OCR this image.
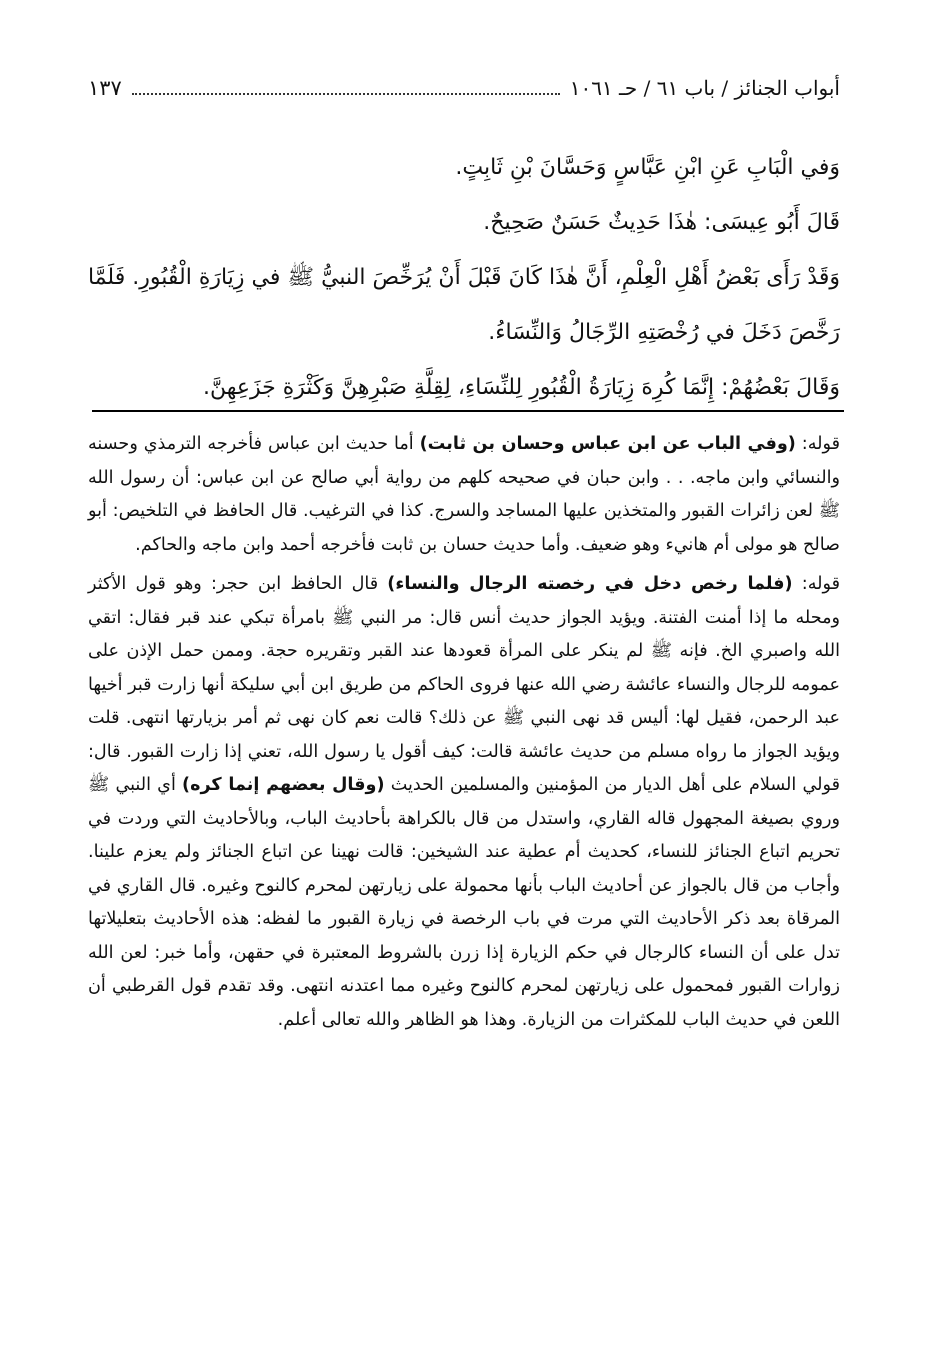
أبواب الجنائز / باب ٦١ / حـ ١٠٦١
١٣٧

وَفي الْبَابِ عَنِ ابْنِ عَبَّاسٍ وَحَسَّانَ بْنِ ثَابِتٍ.

قَالَ أَبُو عِيسَى: هٰذَا حَدِيثٌ حَسَنٌ صَحِيحٌ.

وَقَدْ رَأَى بَعْضُ أَهْلِ الْعِلْمِ، أَنَّ هٰذَا كَانَ قَبْلَ أَنْ يُرَخِّصَ النبيُّ ﷺ في زِيَارَةِ الْقُبُورِ. فَلَمَّا رَخَّصَ دَخَلَ في رُخْصَتِهِ الرِّجَالُ وَالنِّسَاءُ.

وَقَالَ بَعْضُهُمْ: إِنَّمَا كُرِهَ زِيَارَةُ الْقُبُورِ لِلنِّسَاءِ، لِقِلَّةِ صَبْرِهِنَّ وَكَثْرَةِ جَزَعِهِنَّ.

قوله: (وفي الباب عن ابن عباس وحسان بن ثابت) أما حديث ابن عباس فأخرجه الترمذي وحسنه والنسائي وابن ماجه. . . وابن حبان في صحيحه كلهم من رواية أبي صالح عن ابن عباس: أن رسول الله ﷺ لعن زائرات القبور والمتخذين عليها المساجد والسرج. كذا في الترغيب. قال الحافظ في التلخيص: أبو صالح هو مولى أم هانيء وهو ضعيف. وأما حديث حسان بن ثابت فأخرجه أحمد وابن ماجه والحاكم.

قوله: (فلما رخص دخل في رخصته الرجال والنساء) قال الحافظ ابن حجر: وهو قول الأكثر ومحله ما إذا أمنت الفتنة. ويؤيد الجواز حديث أنس قال: مر النبي ﷺ بامرأة تبكي عند قبر فقال: اتقي الله واصبري الخ. فإنه ﷺ لم ينكر على المرأة قعودها عند القبر وتقريره حجة. وممن حمل الإذن على عمومه للرجال والنساء عائشة رضي الله عنها فروى الحاكم من طريق ابن أبي سليكة أنها زارت قبر أخيها عبد الرحمن، فقيل لها: أليس قد نهى النبي ﷺ عن ذلك؟ قالت نعم كان نهى ثم أمر بزيارتها انتهى. قلت ويؤيد الجواز ما رواه مسلم من حديث عائشة قالت: كيف أقول يا رسول الله، تعني إذا زارت القبور. قال: قولي السلام على أهل الديار من المؤمنين والمسلمين الحديث (وقال بعضهم إنما كره) أي النبي ﷺ وروي بصيغة المجهول قاله القاري، واستدل من قال بالكراهة بأحاديث الباب، وبالأحاديث التي وردت في تحريم اتباع الجنائز للنساء، كحديث أم عطية عند الشيخين: قالت نهينا عن اتباع الجنائز ولم يعزم علينا. وأجاب من قال بالجواز عن أحاديث الباب بأنها محمولة على زيارتهن لمحرم كالنوح وغيره. قال القاري في المرقاة بعد ذكر الأحاديث التي مرت في باب الرخصة في زيارة القبور ما لفظه: هذه الأحاديث بتعليلاتها تدل على أن النساء كالرجال في حكم الزيارة إذا زرن بالشروط المعتبرة في حقهن، وأما خبر: لعن الله زوارات القبور فمحمول على زيارتهن لمحرم كالنوح وغيره مما اعتدنه انتهى. وقد تقدم قول القرطبي أن اللعن في حديث الباب للمكثرات من الزيارة. وهذا هو الظاهر والله تعالى أعلم.
